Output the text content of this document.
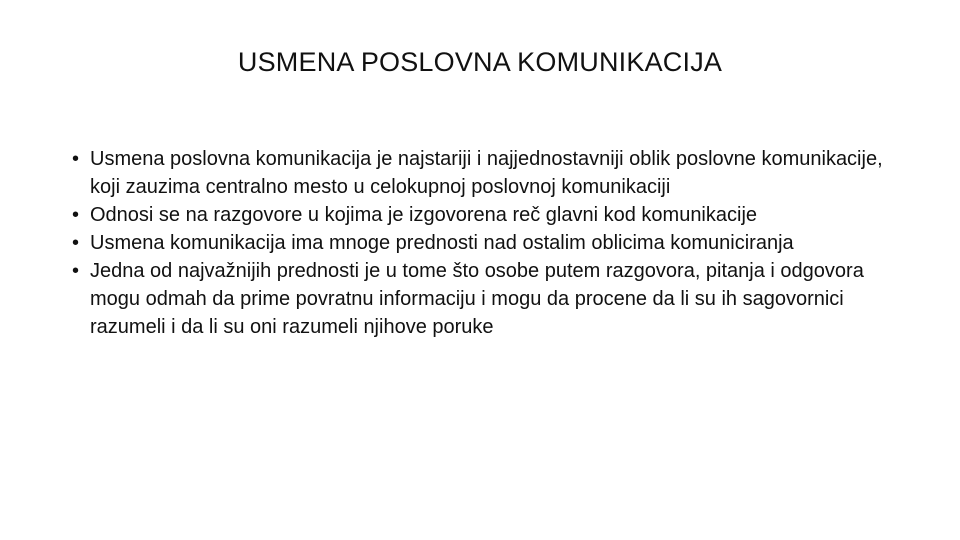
USMENA POSLOVNA KOMUNIKACIJA
• Usmena poslovna komunikacija je najstariji i najjednostavniji oblik poslovne komunikacije, koji zauzima centralno mesto u celokupnoj poslovnoj komunikaciji
• Odnosi se na razgovore u kojima je izgovorena reč glavni kod komunikacije
• Usmena komunikacija ima mnoge prednosti nad ostalim oblicima komuniciranja
• Jedna od najvažnijih prednosti je u tome što osobe putem razgovora, pitanja i odgovora mogu odmah da prime povratnu informaciju i mogu da procene da li su ih sagovornici razumeli i da li su oni razumeli njihove poruke
